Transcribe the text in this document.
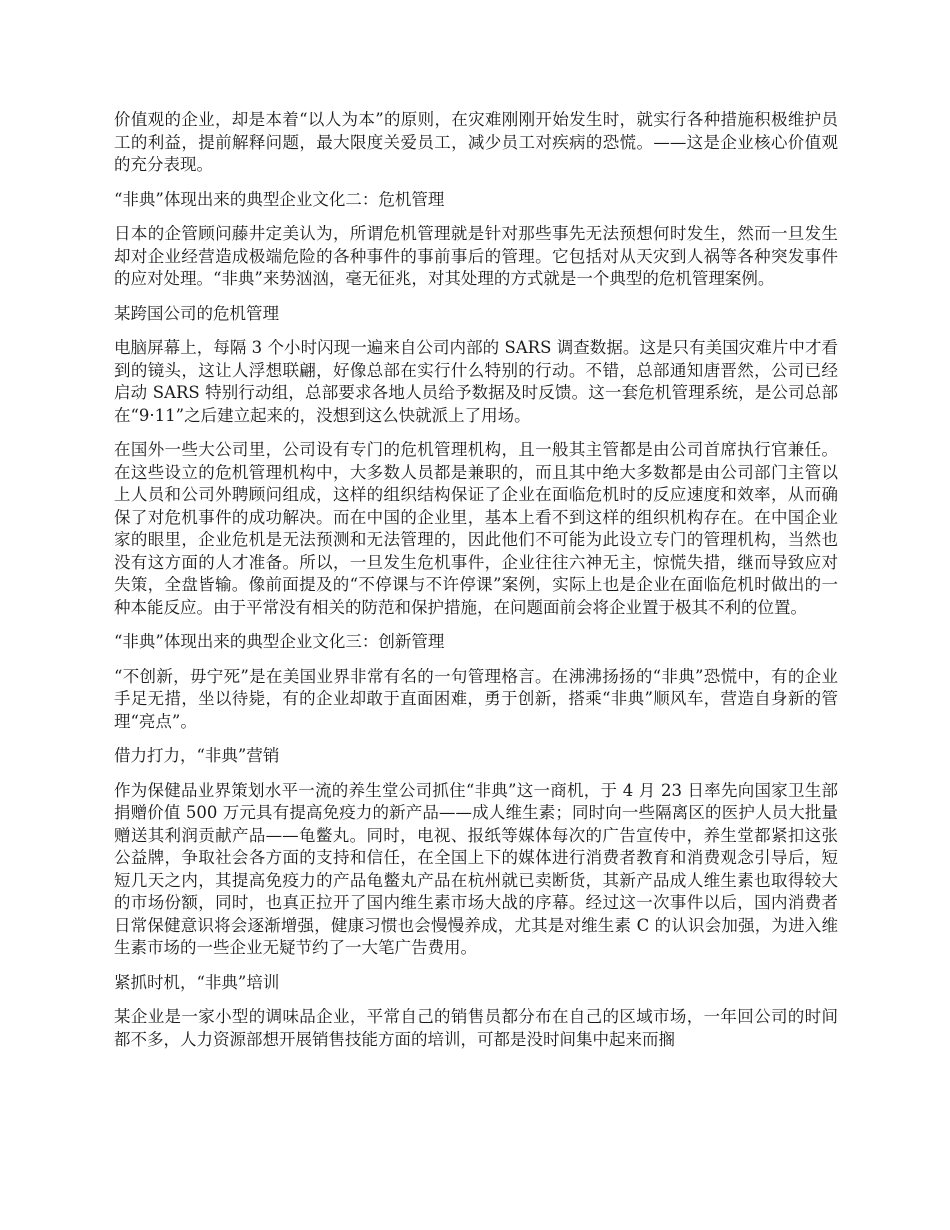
价值观的企业，却是本着“以人为本”的原则，在灾难刚刚开始发生时，就实行各种措施积极维护员工的利益，提前解释问题，最大限度关爱员工，减少员工对疾病的恐慌。——这是企业核心价值观的充分表现。

“非典”体现出来的典型企业文化二：危机管理

日本的企管顾问藤井定美认为，所谓危机管理就是针对那些事先无法预想何时发生，然而一旦发生却对企业经营造成极端危险的各种事件的事前事后的管理。它包括对从天灾到人祸等各种突发事件的应对处理。“非典”来势汹汹，毫无征兆，对其处理的方式就是一个典型的危机管理案例。

某跨国公司的危机管理

电脑屏幕上，每隔 3 个小时闪现一遍来自公司内部的 SARS 调查数据。这是只有美国灾难片中才看到的镜头，这让人浮想联翩，好像总部在实行什么特别的行动。不错，总部通知唐晋然，公司已经启动 SARS 特别行动组，总部要求各地人员给予数据及时反馈。这一套危机管理系统，是公司总部在“9·11”之后建立起来的，没想到这么快就派上了用场。

在国外一些大公司里，公司设有专门的危机管理机构，且一般其主管都是由公司首席执行官兼任。在这些设立的危机管理机构中，大多数人员都是兼职的，而且其中绝大多数都是由公司部门主管以上人员和公司外聘顾问组成，这样的组织结构保证了企业在面临危机时的反应速度和效率，从而确保了对危机事件的成功解决。而在中国的企业里，基本上看不到这样的组织机构存在。在中国企业家的眼里，企业危机是无法预测和无法管理的，因此他们不可能为此设立专门的管理机构，当然也没有这方面的人才准备。所以，一旦发生危机事件，企业往往六神无主，惊慌失措，继而导致应对失策，全盘皆输。像前面提及的“不停课与不许停课”案例，实际上也是企业在面临危机时做出的一种本能反应。由于平常没有相关的防范和保护措施，在问题面前会将企业置于极其不利的位置。

“非典”体现出来的典型企业文化三：创新管理

“不创新，毋宁死”是在美国业界非常有名的一句管理格言。在沸沸扬扬的“非典”恐慌中，有的企业手足无措，坐以待毙，有的企业却敢于直面困难，勇于创新，搭乘“非典”顺风车，营造自身新的管理“亮点”。

借力打力，“非典”营销

作为保健品业界策划水平一流的养生堂公司抓住“非典”这一商机，于 4 月 23 日率先向国家卫生部捐赠价值 500 万元具有提高免疫力的新产品——成人维生素；同时向一些隔离区的医护人员大批量赠送其利润贡献产品——龟鳖丸。同时，电视、报纸等媒体每次的广告宣传中，养生堂都紧扣这张公益牌，争取社会各方面的支持和信任，在全国上下的媒体进行消费者教育和消费观念引导后，短短几天之内，其提高免疫力的产品龟鳖丸产品在杭州就已卖断货，其新产品成人维生素也取得较大的市场份额，同时，也真正拉开了国内维生素市场大战的序幕。经过这一次事件以后，国内消费者日常保健意识将会逐渐增强，健康习惯也会慢慢养成，尤其是对维生素 C 的认识会加强，为进入维生素市场的一些企业无疑节约了一大笔广告费用。

紧抓时机，“非典”培训

某企业是一家小型的调味品企业，平常自己的销售员都分布在自己的区域市场，一年回公司的时间都不多，人力资源部想开展销售技能方面的培训，可都是没时间集中起来而搁
